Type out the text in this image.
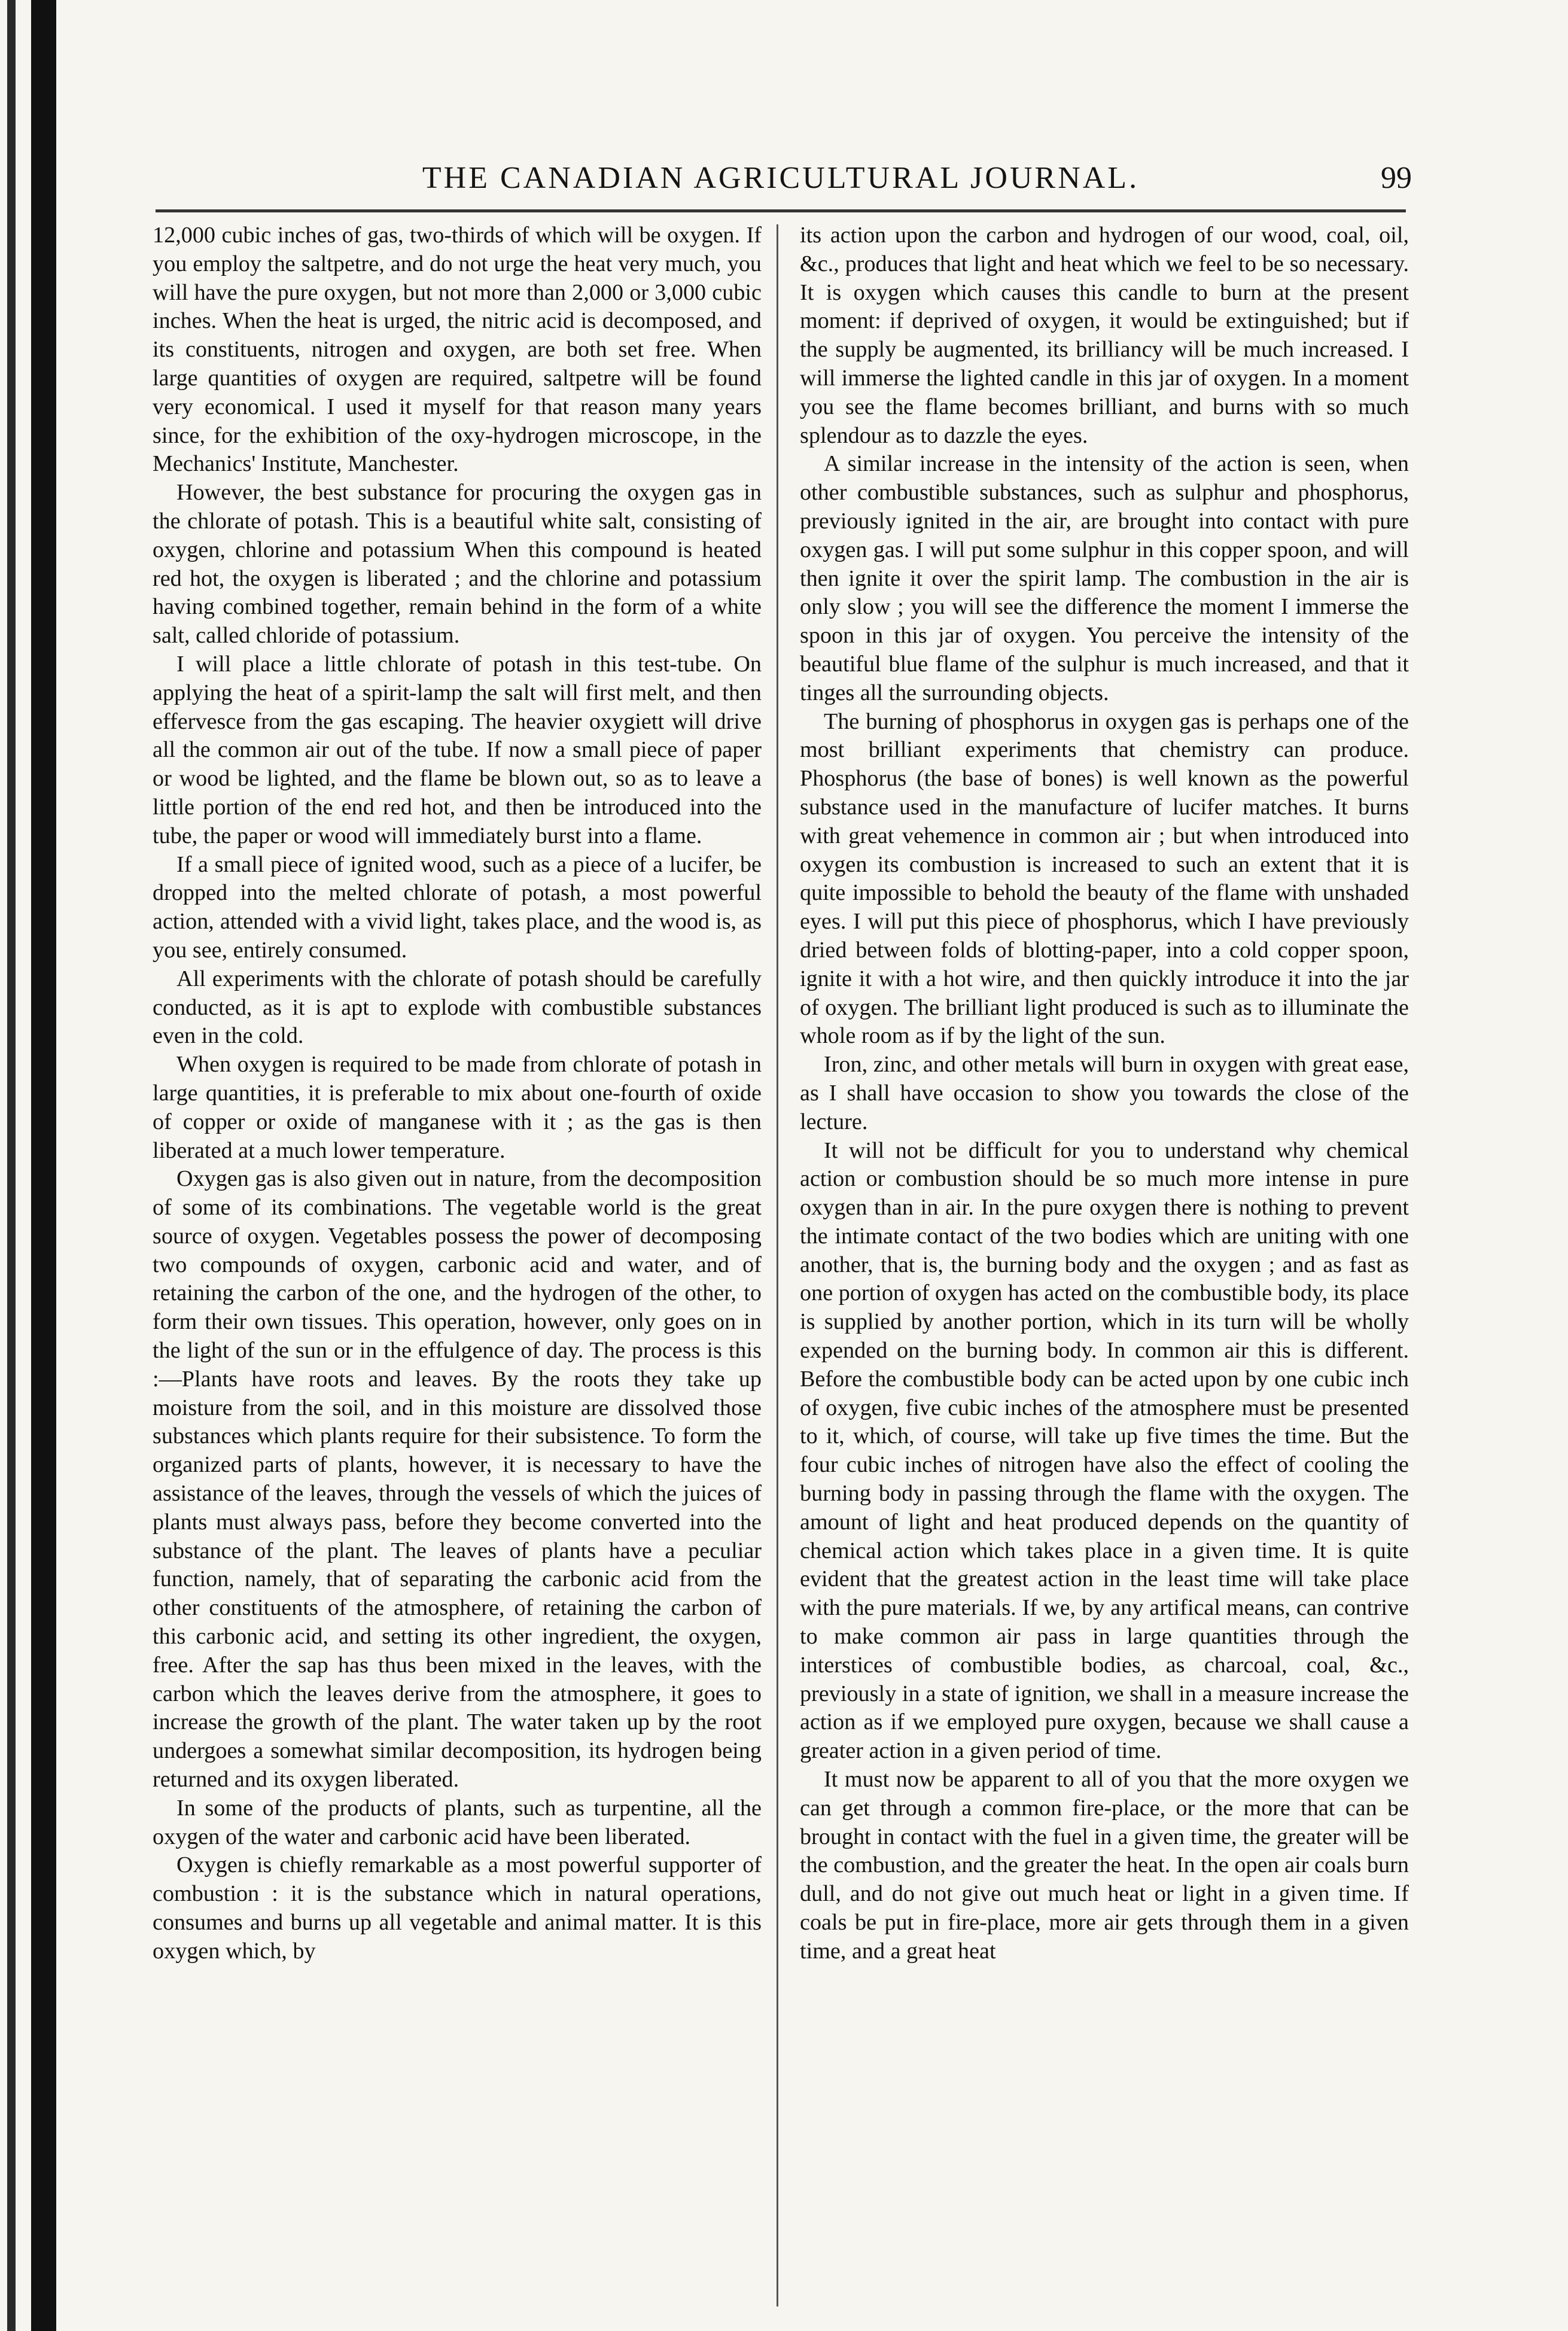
THE CANADIAN AGRICULTURAL JOURNAL.	99

12,000 cubic inches of gas, two-thirds of which will be oxygen. If you employ the saltpetre, and do not urge the heat very much, you will have the pure oxygen, but not more than 2,000 or 3,000 cubic inches. When the heat is urged, the nitric acid is decomposed, and its constituents, nitrogen and oxygen, are both set free. When large quantities of oxygen are required, saltpetre will be found very economical. I used it myself for that reason many years since, for the exhibition of the oxy-hydrogen microscope, in the Mechanics' Institute, Manchester.

However, the best substance for procuring the oxygen gas in the chlorate of potash. This is a beautiful white salt, consisting of oxygen, chlorine and potassium When this compound is heated red hot, the oxygen is liberated ; and the chlorine and potassium having combined together, remain behind in the form of a white salt, called chloride of potassium.

I will place a little chlorate of potash in this test-tube. On applying the heat of a spirit-lamp the salt will first melt, and then effervesce from the gas escaping. The heavier oxygiett will drive all the common air out of the tube. If now a small piece of paper or wood be lighted, and the flame be blown out, so as to leave a little portion of the end red hot, and then be introduced into the tube, the paper or wood will immediately burst into a flame.

If a small piece of ignited wood, such as a piece of a lucifer, be dropped into the melted chlorate of potash, a most powerful action, attended with a vivid light, takes place, and the wood is, as you see, entirely consumed.

All experiments with the chlorate of potash should be carefully conducted, as it is apt to explode with combustible substances even in the cold.

When oxygen is required to be made from chlorate of potash in large quantities, it is preferable to mix about one-fourth of oxide of copper or oxide of manganese with it ; as the gas is then liberated at a much lower temperature.

Oxygen gas is also given out in nature, from the decomposition of some of its combinations. The vegetable world is the great source of oxygen. Vegetables possess the power of decomposing two compounds of oxygen, carbonic acid and water, and of retaining the carbon of the one, and the hydrogen of the other, to form their own tissues. This operation, however, only goes on in the light of the sun or in the effulgence of day. The process is this :—Plants have roots and leaves. By the roots they take up moisture from the soil, and in this moisture are dissolved those substances which plants require for their subsistence. To form the organized parts of plants, however, it is necessary to have the assistance of the leaves, through the vessels of which the juices of plants must always pass, before they become converted into the substance of the plant. The leaves of plants have a peculiar function, namely, that of separating the carbonic acid from the other constituents of the atmosphere, of retaining the carbon of this carbonic acid, and setting its other ingredient, the oxygen, free. After the sap has thus been mixed in the leaves, with the carbon which the leaves derive from the atmosphere, it goes to increase the growth of the plant. The water taken up by the root undergoes a somewhat similar decomposition, its hydrogen being returned and its oxygen liberated.

In some of the products of plants, such as turpentine, all the oxygen of the water and carbonic acid have been liberated.

Oxygen is chiefly remarkable as a most powerful supporter of combustion : it is the substance which in natural operations, consumes and burns up all vegetable and animal matter. It is this oxygen which, by

its action upon the carbon and hydrogen of our wood, coal, oil, &c., produces that light and heat which we feel to be so necessary. It is oxygen which causes this candle to burn at the present moment: if deprived of oxygen, it would be extinguished; but if the supply be augmented, its brilliancy will be much increased. I will immerse the lighted candle in this jar of oxygen. In a moment you see the flame becomes brilliant, and burns with so much splendour as to dazzle the eyes.

A similar increase in the intensity of the action is seen, when other combustible substances, such as sulphur and phosphorus, previously ignited in the air, are brought into contact with pure oxygen gas. I will put some sulphur in this copper spoon, and will then ignite it over the spirit lamp. The combustion in the air is only slow ; you will see the difference the moment I immerse the spoon in this jar of oxygen. You perceive the intensity of the beautiful blue flame of the sulphur is much increased, and that it tinges all the surrounding objects.

The burning of phosphorus in oxygen gas is perhaps one of the most brilliant experiments that chemistry can produce. Phosphorus (the base of bones) is well known as the powerful substance used in the manufacture of lucifer matches. It burns with great vehemence in common air ; but when introduced into oxygen its combustion is increased to such an extent that it is quite impossible to behold the beauty of the flame with unshaded eyes. I will put this piece of phosphorus, which I have previously dried between folds of blotting-paper, into a cold copper spoon, ignite it with a hot wire, and then quickly introduce it into the jar of oxygen. The brilliant light produced is such as to illuminate the whole room as if by the light of the sun.

Iron, zinc, and other metals will burn in oxygen with great ease, as I shall have occasion to show you towards the close of the lecture.

It will not be difficult for you to understand why chemical action or combustion should be so much more intense in pure oxygen than in air. In the pure oxygen there is nothing to prevent the intimate contact of the two bodies which are uniting with one another, that is, the burning body and the oxygen ; and as fast as one portion of oxygen has acted on the combustible body, its place is supplied by another portion, which in its turn will be wholly expended on the burning body. In common air this is different. Before the combustible body can be acted upon by one cubic inch of oxygen, five cubic inches of the atmosphere must be presented to it, which, of course, will take up five times the time. But the four cubic inches of nitrogen have also the effect of cooling the burning body in passing through the flame with the oxygen. The amount of light and heat produced depends on the quantity of chemical action which takes place in a given time. It is quite evident that the greatest action in the least time will take place with the pure materials. If we, by any artifical means, can contrive to make common air pass in large quantities through the interstices of combustible bodies, as charcoal, coal, &c., previously in a state of ignition, we shall in a measure increase the action as if we employed pure oxygen, because we shall cause a greater action in a given period of time.

It must now be apparent to all of you that the more oxygen we can get through a common fire-place, or the more that can be brought in contact with the fuel in a given time, the greater will be the combustion, and the greater the heat. In the open air coals burn dull, and do not give out much heat or light in a given time. If coals be put in fire-place, more air gets through them in a given time, and a great heat
